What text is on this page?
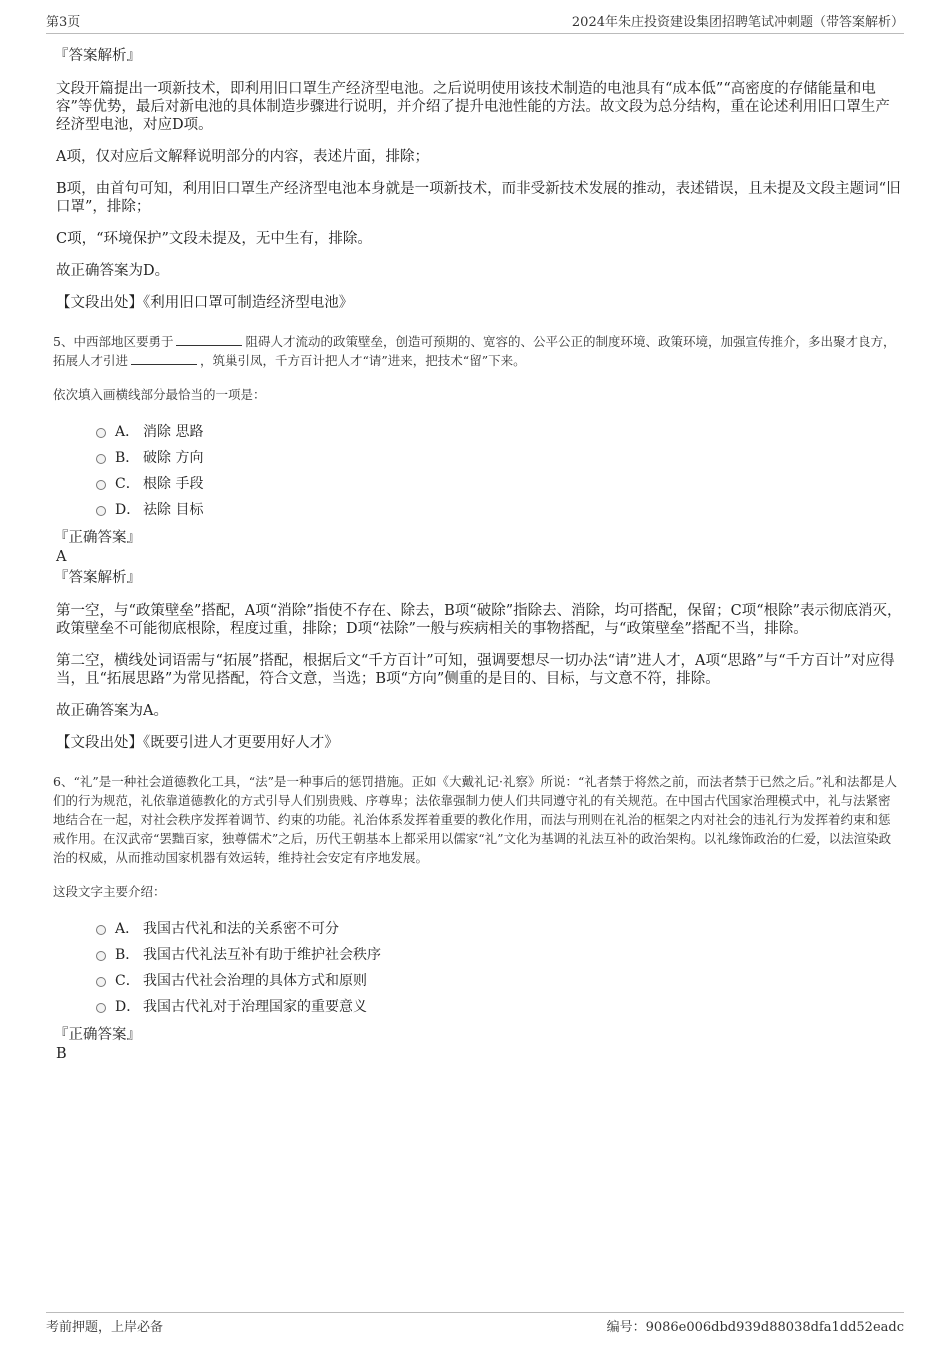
第3页	2024年朱庄投资建设集团招聘笔试冲刺题（带答案解析）
『答案解析』
文段开篇提出一项新技术，即利用旧口罩生产经济型电池。之后说明使用该技术制造的电池具有“成本低”“高密度的存储能量和电容”等优势，最后对新电池的具体制造步骤进行说明，并介绍了提升电池性能的方法。故文段为总分结构，重在论述利用旧口罩生产经济型电池，对应D项。
A项，仅对应后文解释说明部分的内容，表述片面，排除；
B项，由首句可知，利用旧口罩生产经济型电池本身就是一项新技术，而非受新技术发展的推动，表述错误，且未提及文段主题词“旧口罩”，排除；
C项，“环境保护”文段未提及，无中生有，排除。
故正确答案为D。
【文段出处】《利用旧口罩可制造经济型电池》
5、中西部地区要勇于	阻碍人才流动的政策壁垒，创造可预期的、宽容的、公平公正的制度环境、政策环境，加强宣传推介，多出聚才良方，拓展人才引进	，筑巢引凤，千方百计把人才“请”进来，把技术“留”下来。
依次填入画横线部分最恰当的一项是：
A． 消除 思路
B． 破除 方向
C． 根除 手段
D． 祛除 目标
『正确答案』
A
『答案解析』
第一空，与“政策壁垒”搭配，A项“消除”指使不存在、除去，B项“破除”指除去、消除，均可搭配，保留；C项“根除”表示彻底消灭，政策壁垒不可能彻底根除，程度过重，排除；D项“祛除”一般与疾病相关的事物搭配，与“政策壁垒”搭配不当，排除。
第二空，横线处词语需与“拓展”搭配，根据后文“千方百计”可知，强调要想尽一切办法“请”进人才，A项“思路”与“千方百计”对应得当，且“拓展思路”为常见搭配，符合文意，当选；B项“方向”侧重的是目的、目标，与文意不符，排除。
故正确答案为A。
【文段出处】《既要引进人才更要用好人才》
6、“礼”是一种社会道德教化工具，“法”是一种事后的惩罚措施。正如《大戴礼记·礼察》所说：“礼者禁于将然之前，而法者禁于已然之后。”礼和法都是人们的行为规范，礼依靠道德教化的方式引导人们别贵贱、序尊卑；法依靠强制力使人们共同遵守礼的有关规范。在中国古代国家治理模式中，礼与法紧密地结合在一起，对社会秩序发挥着调节、约束的功能。礼治体系发挥着重要的教化作用，而法与刑则在礼治的框架之内对社会的违礼行为发挥着约束和惩戒作用。在汉武帝“罢黜百家，独尊儒术”之后，历代王朝基本上都采用以儒家“礼”文化为基调的礼法互补的政治架构。以礼缘饰政治的仁爱，以法渲染政治的权威，从而推动国家机器有效运转，维持社会安定有序地发展。
这段文字主要介绍：
A． 我国古代礼和法的关系密不可分
B． 我国古代礼法互补有助于维护社会秩序
C． 我国古代社会治理的具体方式和原则
D． 我国古代礼对于治理国家的重要意义
『正确答案』
B
考前押题，上岸必备	编号：9086e006dbd939d88038dfa1dd52eadc
